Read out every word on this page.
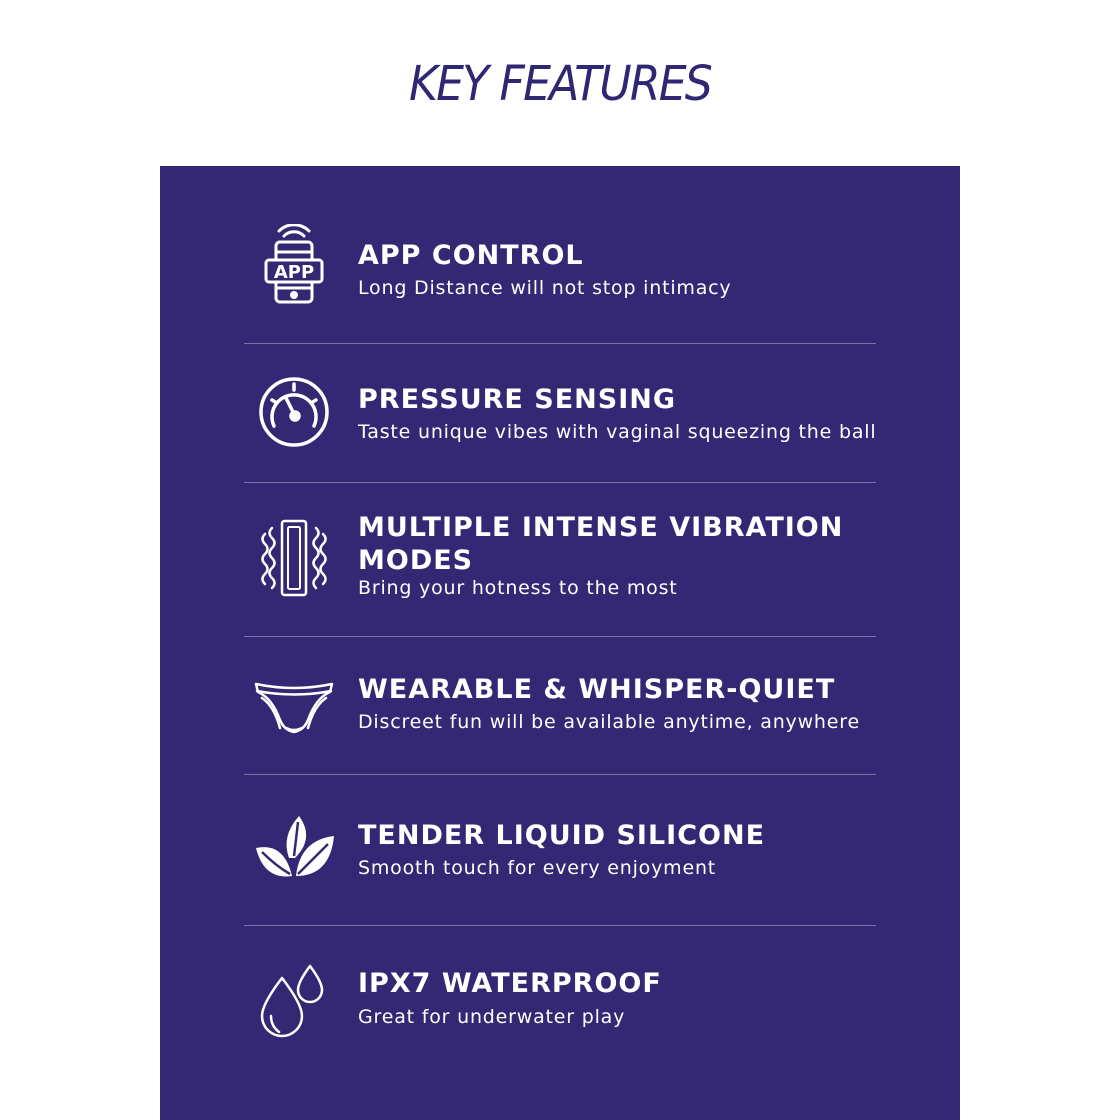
KEY FEATURES
APP
APP CONTROL
Long Distance will not stop intimacy
PRESSURE SENSING
Taste unique vibes with vaginal squeezing the ball
MULTIPLE INTENSE VIBRATION MODES
Bring your hotness to the most
WEARABLE & WHISPER-QUIET
Discreet fun will be available anytime, anywhere
TENDER LIQUID SILICONE
Smooth touch for every enjoyment
IPX7 WATERPROOF
Great for underwater play
